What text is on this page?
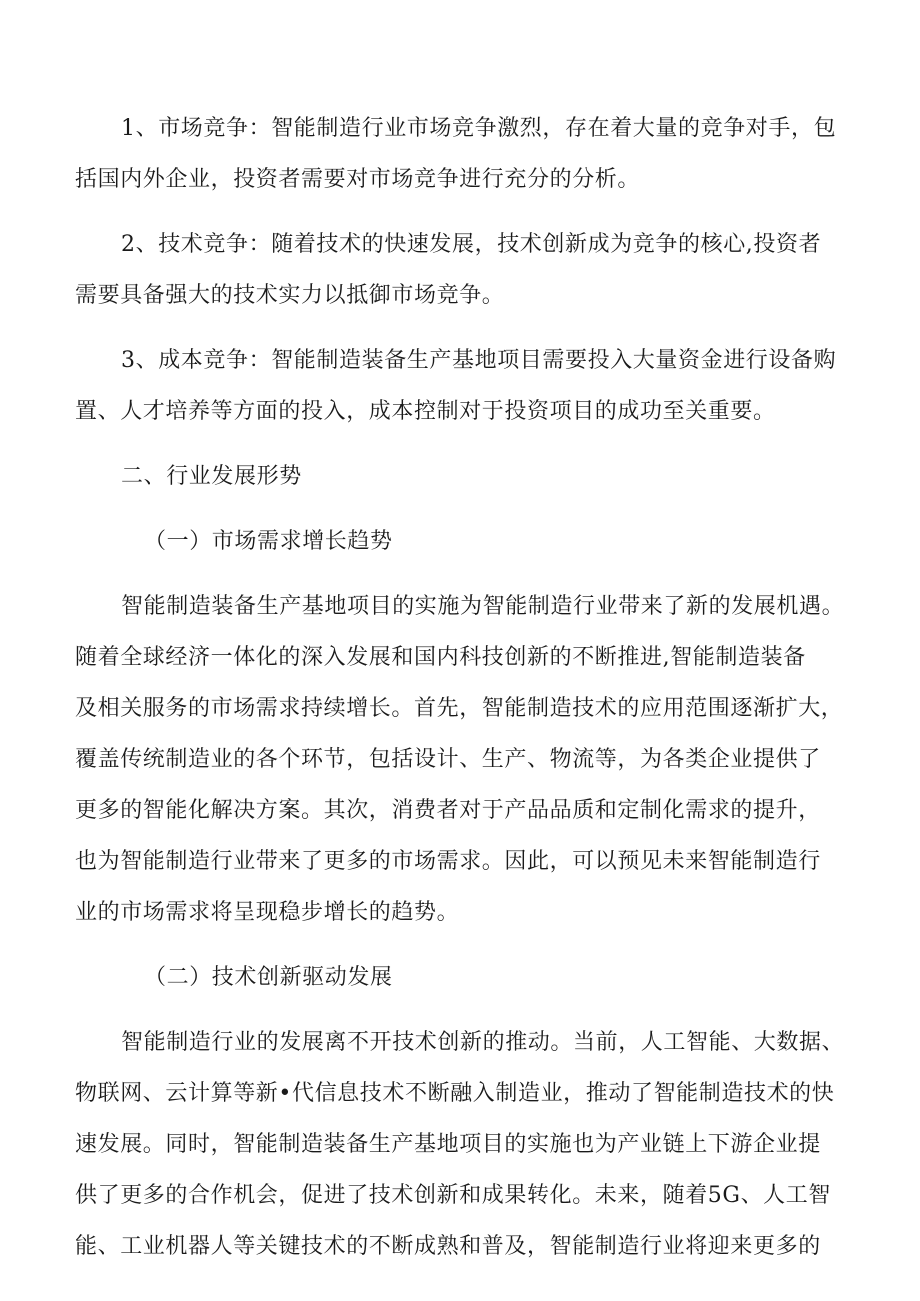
1、市场竞争：智能制造行业市场竞争激烈，存在着大量的竞争对手，包
括国内外企业，投资者需要对市场竞争进行充分的分析。
2、技术竞争：随着技术的快速发展，技术创新成为竞争的核心,投资者
需要具备强大的技术实力以抵御市场竞争。
3、成本竞争：智能制造装备生产基地项目需要投入大量资金进行设备购
置、人才培养等方面的投入，成本控制对于投资项目的成功至关重要。
二、行业发展形势
（一）市场需求增长趋势
智能制造装备生产基地项目的实施为智能制造行业带来了新的发展机遇。
随着全球经济一体化的深入发展和国内科技创新的不断推进,智能制造装备
及相关服务的市场需求持续增长。首先，智能制造技术的应用范围逐渐扩大，
覆盖传统制造业的各个环节，包括设计、生产、物流等，为各类企业提供了
更多的智能化解决方案。其次，消费者对于产品品质和定制化需求的提升，
也为智能制造行业带来了更多的市场需求。因此，可以预见未来智能制造行
业的市场需求将呈现稳步增长的趋势。
（二）技术创新驱动发展
智能制造行业的发展离不开技术创新的推动。当前，人工智能、大数据、
物联网、云计算等新•代信息技术不断融入制造业，推动了智能制造技术的快
速发展。同时，智能制造装备生产基地项目的实施也为产业链上下游企业提
供了更多的合作机会，促进了技术创新和成果转化。未来，随着5G、人工智
能、工业机器人等关键技术的不断成熟和普及，智能制造行业将迎来更多的
